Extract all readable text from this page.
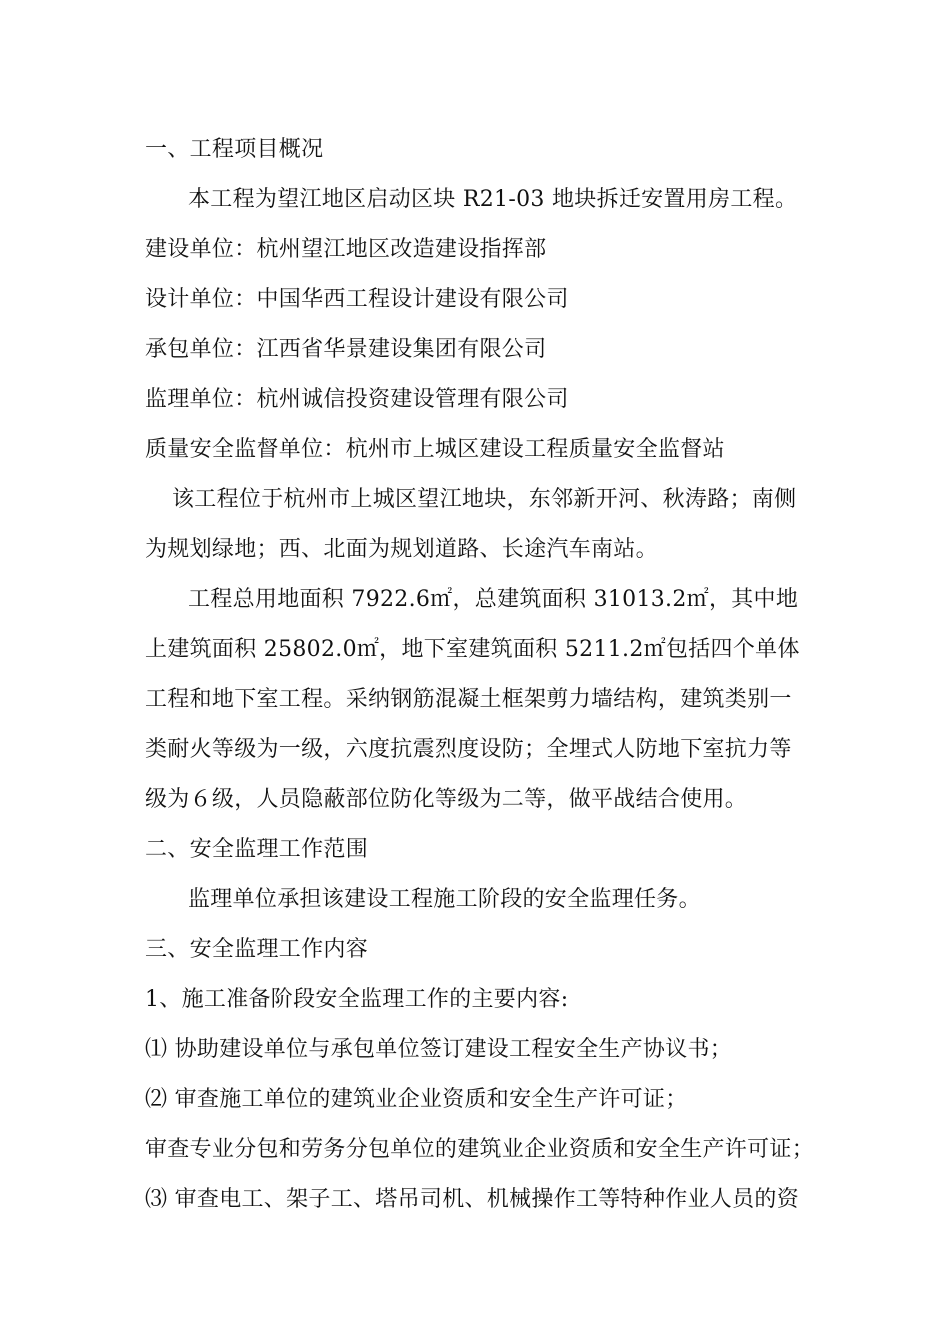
一、工程项目概况
本工程为望江地区启动区块 R21-03 地块拆迁安置用房工程。
建设单位：杭州望江地区改造建设指挥部
设计单位：中国华西工程设计建设有限公司
承包单位：江西省华景建设集团有限公司
监理单位：杭州诚信投资建设管理有限公司
质量安全监督单位：杭州市上城区建设工程质量安全监督站
该工程位于杭州市上城区望江地块，东邻新开河、秋涛路；南侧
为规划绿地；西、北面为规划道路、长途汽车南站。
工程总用地面积 7922.6㎡，总建筑面积 31013.2㎡，其中地
上建筑面积 25802.0㎡，地下室建筑面积 5211.2㎡包括四个单体
工程和地下室工程。采纳钢筋混凝土框架剪力墙结构，建筑类别一
类耐火等级为一级，六度抗震烈度设防；全埋式人防地下室抗力等
级为６级，人员隐蔽部位防化等级为二等，做平战结合使用。
二、安全监理工作范围
监理单位承担该建设工程施工阶段的安全监理任务。
三、安全监理工作内容
1、施工准备阶段安全监理工作的主要内容:
⑴ 协助建设单位与承包单位签订建设工程安全生产协议书；
⑵ 审查施工单位的建筑业企业资质和安全生产许可证；
审查专业分包和劳务分包单位的建筑业企业资质和安全生产许可证；
⑶ 审查电工、架子工、塔吊司机、机械操作工等特种作业人员的资
